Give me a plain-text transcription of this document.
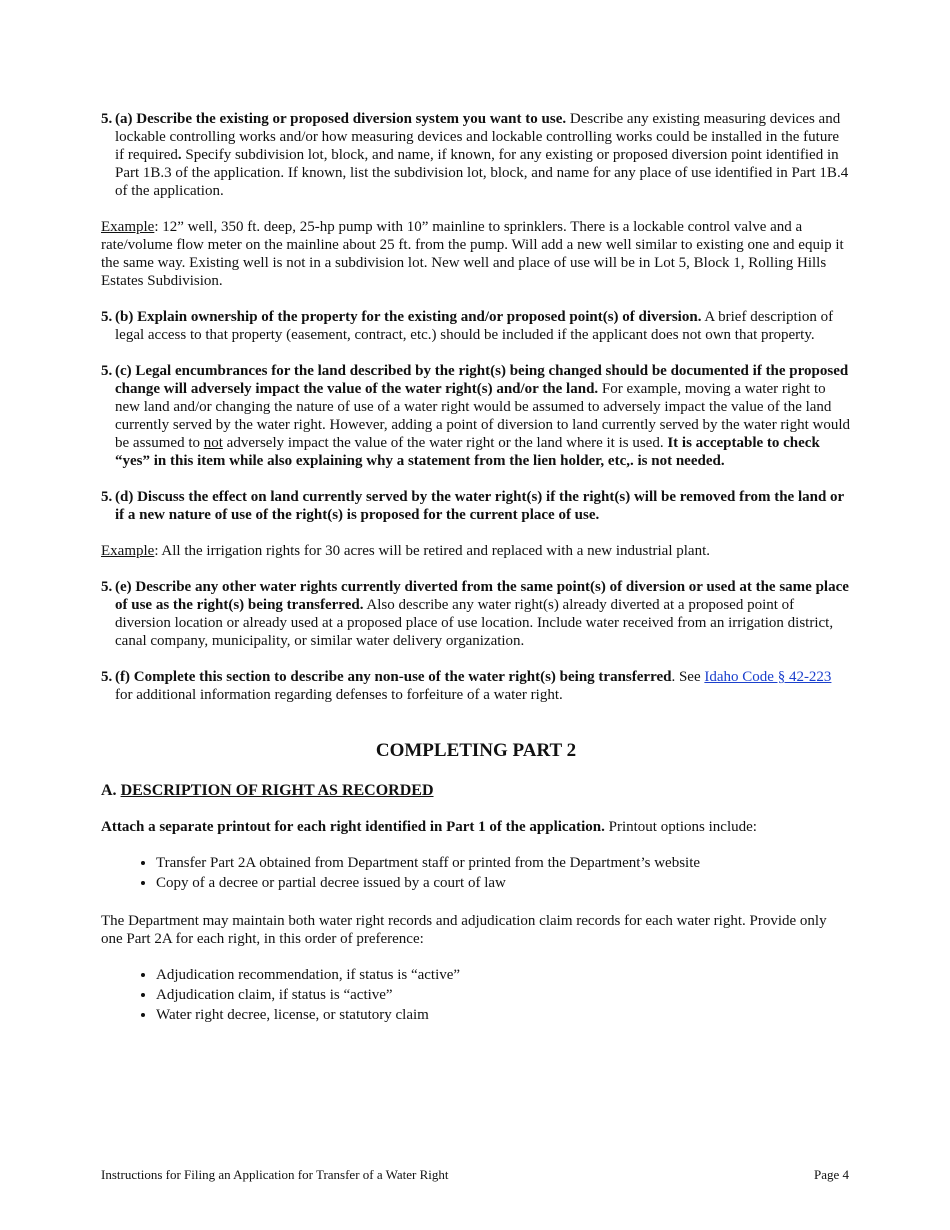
5. (a) Describe the existing or proposed diversion system you want to use. Describe any existing measuring devices and lockable controlling works and/or how measuring devices and lockable controlling works could be installed in the future if required. Specify subdivision lot, block, and name, if known, for any existing or proposed diversion point identified in Part 1B.3 of the application. If known, list the subdivision lot, block, and name for any place of use identified in Part 1B.4 of the application.

Example: 12” well, 350 ft. deep, 25-hp pump with 10” mainline to sprinklers. There is a lockable control valve and a rate/volume flow meter on the mainline about 25 ft. from the pump. Will add a new well similar to existing one and equip it the same way. Existing well is not in a subdivision lot. New well and place of use will be in Lot 5, Block 1, Rolling Hills Estates Subdivision.

5. (b) Explain ownership of the property for the existing and/or proposed point(s) of diversion. A brief description of legal access to that property (easement, contract, etc.) should be included if the applicant does not own that property.
5. (c) Legal encumbrances for the land described by the right(s) being changed should be documented if the proposed change will adversely impact the value of the water right(s) and/or the land. For example, moving a water right to new land and/or changing the nature of use of a water right would be assumed to adversely impact the value of the land currently served by the water right. However, adding a point of diversion to land currently served by the water right would be assumed to not adversely impact the value of the water right or the land where it is used. It is acceptable to check “yes” in this item while also explaining why a statement from the lien holder, etc,. is not needed.
5. (d) Discuss the effect on land currently served by the water right(s) if the right(s) will be removed from the land or if a new nature of use of the right(s) is proposed for the current place of use.

Example: All the irrigation rights for 30 acres will be retired and replaced with a new industrial plant.

5. (e) Describe any other water rights currently diverted from the same point(s) of diversion or used at the same place of use as the right(s) being transferred. Also describe any water right(s) already diverted at a proposed point of diversion location or already used at a proposed place of use location. Include water received from an irrigation district, canal company, municipality, or similar water delivery organization.
5. (f) Complete this section to describe any non-use of the water right(s) being transferred. See Idaho Code § 42-223 for additional information regarding defenses to forfeiture of a water right.
COMPLETING PART 2
A. DESCRIPTION OF RIGHT AS RECORDED

Attach a separate printout for each right identified in Part 1 of the application. Printout options include:

• Transfer Part 2A obtained from Department staff or printed from the Department’s website
• Copy of a decree or partial decree issued by a court of law

The Department may maintain both water right records and adjudication claim records for each water right. Provide only one Part 2A for each right, in this order of preference:

• Adjudication recommendation, if status is “active”
• Adjudication claim, if status is “active”
• Water right decree, license, or statutory claim
Instructions for Filing an Application for Transfer of a Water Right	Page 4
